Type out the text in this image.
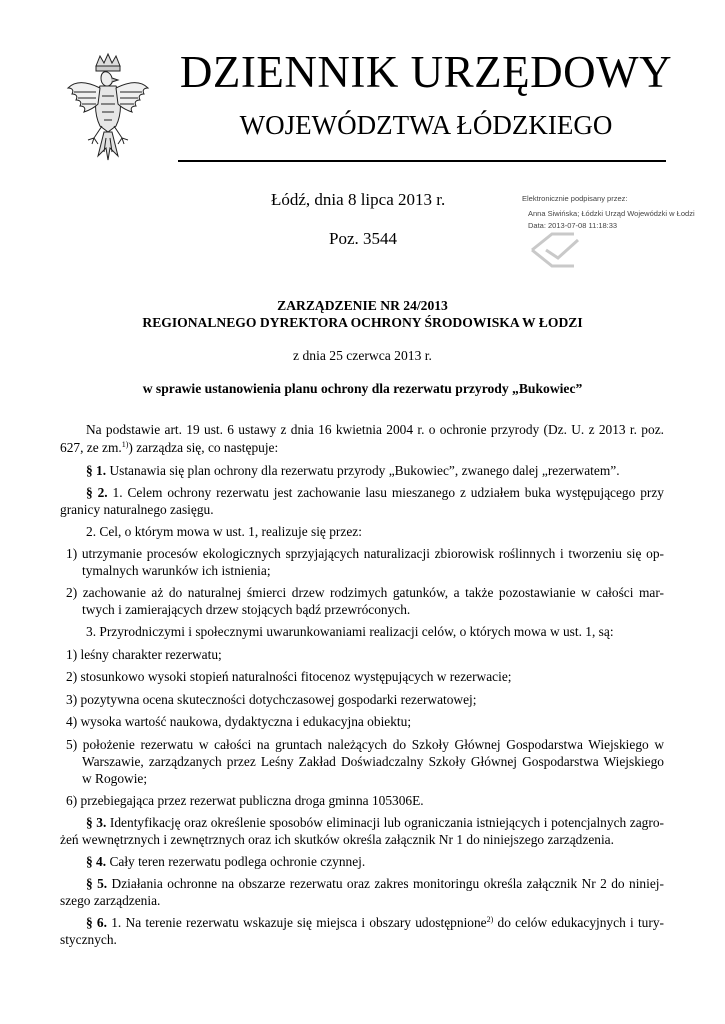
DZIENNIK URZĘDOWY
WOJEWÓDZTWA ŁÓDZKIEGO
Łódź, dnia 8 lipca 2013 r.
Poz. 3544
Elektronicznie podpisany przez:
Anna Siwińska; Łódzki Urząd Wojewódzki w Łodzi
Data: 2013-07-08 11:18:33
ZARZĄDZENIE NR 24/2013
REGIONALNEGO DYREKTORA OCHRONY ŚRODOWISKA W ŁODZI
z dnia 25 czerwca 2013 r.
w sprawie ustanowienia planu ochrony dla rezerwatu przyrody „Bukowiec”
Na podstawie art. 19 ust. 6 ustawy z dnia 16 kwietnia 2004 r. o ochronie przyrody (Dz. U. z 2013 r. poz.
627, ze zm.$^{1)}$) zarządza się, co następuje:
§ 1. Ustanawia się plan ochrony dla rezerwatu przyrody „Bukowiec”, zwanego dalej „rezerwatem”.
§ 2. 1. Celem ochrony rezerwatu jest zachowanie lasu mieszanego z udziałem buka występującego przy
granicy naturalnego zasięgu.
2. Cel, o którym mowa w ust. 1, realizuje się przez:
1) utrzymanie procesów ekologicznych sprzyjających naturalizacji zbiorowisk roślinnych i tworzeniu się op-
tymalnych warunków ich istnienia;
2) zachowanie aż do naturalnej śmierci drzew rodzimych gatunków, a także pozostawianie w całości mar-
twych i zamierających drzew stojących bądź przewróconych.
3. Przyrodniczymi i społecznymi uwarunkowaniami realizacji celów, o których mowa w ust. 1, są:
1) leśny charakter rezerwatu;
2) stosunkowo wysoki stopień naturalności fitocenoz występujących w rezerwacie;
3) pozytywna ocena skuteczności dotychczasowej gospodarki rezerwatowej;
4) wysoka wartość naukowa, dydaktyczna i edukacyjna obiektu;
5) położenie rezerwatu w całości na gruntach należących do Szkoły Głównej Gospodarstwa Wiejskiego w
Warszawie, zarządzanych przez Leśny Zakład Doświadczalny Szkoły Głównej Gospodarstwa Wiejskiego
w Rogowie;
6) przebiegająca przez rezerwat publiczna droga gminna 105306E.
§ 3. Identyfikację oraz określenie sposobów eliminacji lub ograniczania istniejących i potencjalnych zagro-
żeń wewnętrznych i zewnętrznych oraz ich skutków określa załącznik Nr 1 do niniejszego zarządzenia.
§ 4. Cały teren rezerwatu podlega ochronie czynnej.
§ 5. Działania ochronne na obszarze rezerwatu oraz zakres monitoringu określa załącznik Nr 2 do niniej-
szego zarządzenia.
§ 6. 1. Na terenie rezerwatu wskazuje się miejsca i obszary udostępnione$^{2)}$ do celów edukacyjnych i tury-
stycznych.
